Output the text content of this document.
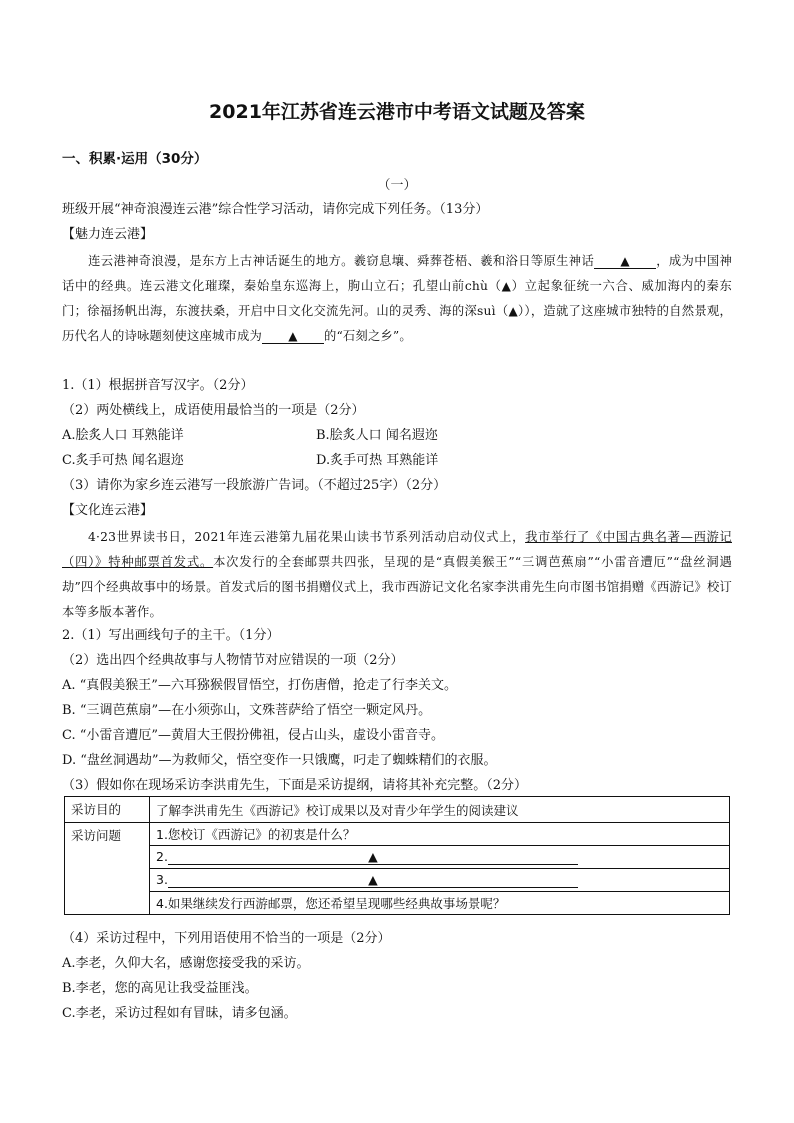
2021年江苏省连云港市中考语文试题及答案
一、积累·运用（30分）
（一）
班级开展“神奇浪漫连云港”综合性学习活动，请你完成下列任务。（13分）
【魅力连云港】
连云港神奇浪漫，是东方上古神话诞生的地方。羲窃息壤、舜葬苍梧、羲和浴日等原生神话 ▲ ，成为中国神话中的经典。连云港文化璀璨，秦始皇东巡海上，朐山立石；孔望山前chù（▲）立起象征统一六合、威加海内的秦东门；徐福扬帆出海，东渡扶桑，开启中日文化交流先河。山的灵秀、海的深suì（▲）），造就了这座城市独特的自然景观，历代名人的诗咏题刻使这座城市成为 ▲ 的“石刻之乡”。
1.（1）根据拼音写汉字。（2分）
（2）两处横线上，成语使用最恰当的一项是（2分）
A.脍炙人口 耳熟能详	B.脍炙人口 闻名遐迩
C.炙手可热 闻名遐迩	D.炙手可热 耳熟能详
（3）请你为家乡连云港写一段旅游广告词。（不超过25字）（2分）
【文化连云港】
4·23世界读书日，2021年连云港第九届花果山读书节系列活动启动仪式上，我市举行了《中国古典名著—西游记（四）》特种邮票首发式。本次发行的全套邮票共四张，呈现的是“真假美猴王”“三调芭蕉扇”“小雷音遭厄”“盘丝洞遇劫”四个经典故事中的场景。首发式后的图书捐赠仪式上，我市西游记文化名家李洪甫先生向市图书馆捐赠《西游记》校订本等多版本著作。
2.（1）写出画线句子的主干。（1分）
（2）选出四个经典故事与人物情节对应错误的一项（2分）
A. “真假美猴王”—六耳猕猴假冒悟空，打伤唐僧，抢走了行李关文。
B. “三调芭蕉扇”—在小须弥山，文殊菩萨给了悟空一颗定风丹。
C. “小雷音遭厄”—黄眉大王假扮佛祖，侵占山头，虚设小雷音寺。
D. “盘丝洞遇劫”—为救师父，悟空变作一只饿鹰，叼走了蜘蛛精们的衣服。
（3）假如你在现场采访李洪甫先生，下面是采访提纲，请将其补充完整。（2分）
采访目的	了解李洪甫先生《西游记》校订成果以及对青少年学生的阅读建议
采访问题	1.您校订《西游记》的初衷是什么？
	2. ▲
	3. ▲
	4.如果继续发行西游邮票，您还希望呈现哪些经典故事场景呢？
（4）采访过程中，下列用语使用不恰当的一项是（2分）
A.李老，久仰大名，感谢您接受我的采访。
B.李老，您的高见让我受益匪浅。
C.李老，采访过程如有冒昧，请多包涵。
